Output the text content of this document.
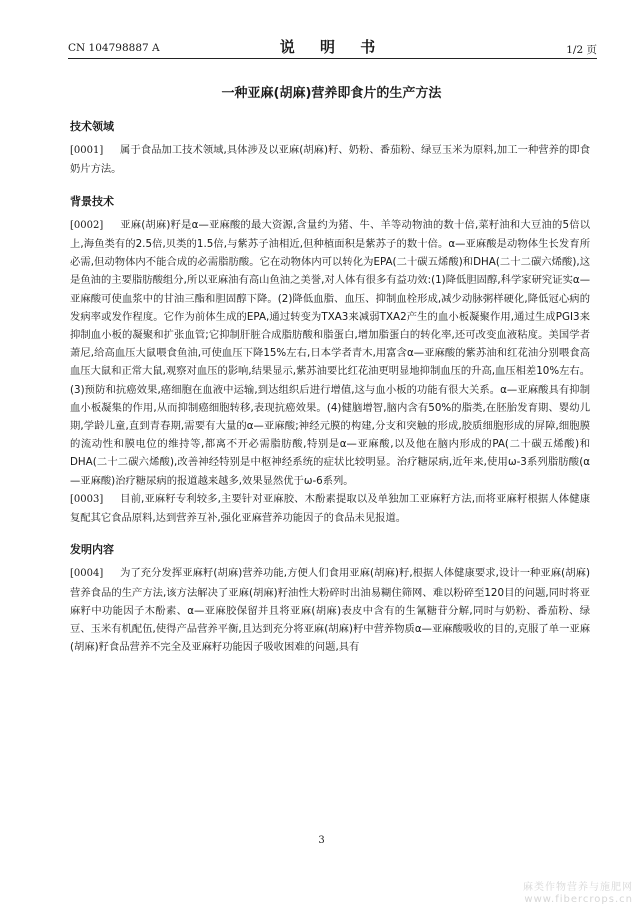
CN 104798887 A	说 明 书	1/2 页
一种亚麻(胡麻)营养即食片的生产方法
技术领域

[0001] 属于食品加工技术领域,具体涉及以亚麻(胡麻)籽、奶粉、番茄粉、绿豆玉米为原料,加工一种营养的即食奶片方法。

背景技术

[0002] 亚麻(胡麻)籽是α—亚麻酸的最大资源,含量约为猪、牛、羊等动物油的数十倍,菜籽油和大豆油的5倍以上,海鱼类有的2.5倍,贝类的1.5倍,与紫苏子油相近,但种植面积是紫苏子的数十倍。α—亚麻酸是动物体生长发育所必需,但动物体内不能合成的必需脂肪酸。它在动物体内可以转化为EPA(二十碳五烯酸)和DHA(二十二碳六烯酸),这是鱼油的主要脂肪酸组分,所以亚麻油有高山鱼油之美誉,对人体有很多有益功效:(1)降低胆固醇,科学家研究证实α—亚麻酸可使血浆中的甘油三酯和胆固醇下降。(2)降低血脂、血压、抑制血栓形成,减少动脉粥样硬化,降低冠心病的发病率或发作程度。它作为前体生成的EPA,通过转变为TXA3来减弱TXA2产生的血小板凝聚作用,通过生成PGI3来抑制血小板的凝聚和扩张血管;它抑制肝脏合成脂肪酸和脂蛋白,增加脂蛋白的转化率,还可改变血液粘度。美国学者萧尼,给高血压大鼠喂食鱼油,可使血压下降15%左右,日本学者青木,用富含α—亚麻酸的紫苏油和红花油分别喂食高血压大鼠和正常大鼠,观察对血压的影响,结果显示,紫苏油要比红花油更明显地抑制血压的升高,血压相差10%左右。(3)预防和抗癌效果,癌细胞在血液中运输,到达组织后进行增值,这与血小板的功能有很大关系。α—亚麻酸具有抑制血小板凝集的作用,从而抑制癌细胞转移,表现抗癌效果。(4)健脑增智,脑内含有50%的脂类,在胚胎发育期、婴幼儿期,学龄儿童,直到青春期,需要有大量的α—亚麻酸;神经元膜的构建,分支和突触的形成,胶质细胞形成的屏障,细胞膜的流动性和膜电位的维持等,都离不开必需脂肪酸,特别是α—亚麻酸,以及他在脑内形成的PA(二十碳五烯酸)和DHA(二十二碳六烯酸),改善神经特别是中枢神经系统的症状比较明显。治疗糖尿病,近年来,使用ω-3系列脂肪酸(α—亚麻酸)治疗糖尿病的报道越来越多,效果显然优于ω-6系列。

[0003] 目前,亚麻籽专利较多,主要针对亚麻胶、木酚素提取以及单独加工亚麻籽方法,而将亚麻籽根据人体健康复配其它食品原料,达到营养互补,强化亚麻营养功能因子的食品未见报道。

发明内容

[0004] 为了充分发挥亚麻籽(胡麻)营养功能,方便人们食用亚麻(胡麻)籽,根据人体健康要求,设计一种亚麻(胡麻)营养食品的生产方法,该方法解决了亚麻(胡麻)籽油性大粉碎时出油易糊住筛网、难以粉碎至120目的问题,同时将亚麻籽中功能因子木酚素、α—亚麻胶保留并且将亚麻(胡麻)表皮中含有的生氰糖苷分解,同时与奶粉、番茄粉、绿豆、玉米有机配伍,使得产品营养平衡,且达到充分将亚麻(胡麻)籽中营养物质α—亚麻酸吸收的目的,克服了单一亚麻(胡麻)籽食品营养不完全及亚麻籽功能因子吸收困难的问题,具有

3
麻类作物营养与施肥网
www.fibercrops.cn
